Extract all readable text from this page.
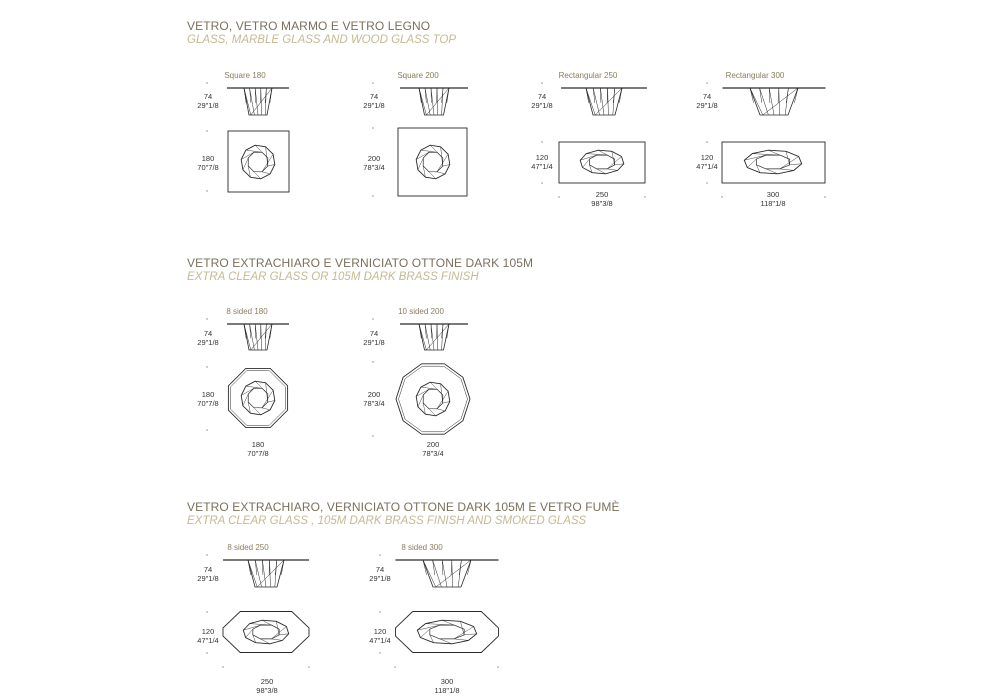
VETRO, VETRO MARMO E VETRO LEGNO
GLASS, MARBLE GLASS AND WOOD GLASS TOP
Square 180	Square 200	Rectangular 250	Rectangular 300
74
29"1/8
74
29"1/8
74
29"1/8
74
29"1/8
180
70"7/8
200
78"3/4
120
47"1/4
120
47"1/4
250
98"3/8
300
118"1/8
VETRO EXTRACHIARO E VERNICIATO OTTONE DARK 105M
EXTRA CLEAR GLASS OR 105M DARK BRASS FINISH
8 sided 180	10 sided 200
74
29"1/8
74
29"1/8
180
70"7/8
200
78"3/4
180
70"7/8
200
78"3/4
VETRO EXTRACHIARO, VERNICIATO OTTONE DARK 105M E VETRO FUMÈ
EXTRA CLEAR GLASS , 105M DARK BRASS FINISH AND SMOKED GLASS
8 sided 250	8 sided 300
74
29"1/8
74
29"1/8
120
47"1/4
120
47"1/4
250
98"3/8
300
118"1/8
